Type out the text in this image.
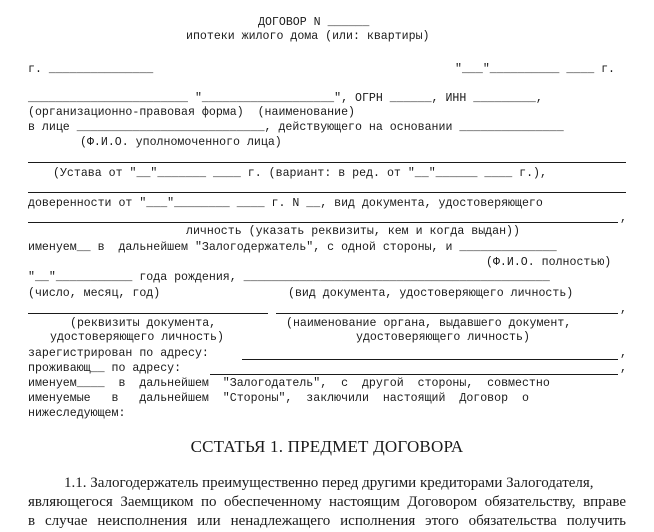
ДОГОВОР N ______
ипотеки жилого дома (или: квартиры)
г. _______________	"___"__________ ____ г.
_______________________ "___________________", ОГРН ______, ИНН _________,
(организационно-правовая форма)  (наименование)
в лице ___________________________, действующего на основании _______________
(Ф.И.О. уполномоченного лица)
(Устава от "__"_______ ____ г. (вариант: в ред. от "__"______ ____ г.),
доверенности от "___"________ ____ г. N __, вид документа, удостоверяющего
,
личность (указать реквизиты, кем и когда выдан))
именуем__ в  дальнейшем "Залогодержатель", с одной стороны, и ______________
(Ф.И.О. полностью)
"__"___________ года рождения, ____________________________________________
(число, месяц, год)	(вид документа, удостоверяющего личность)
,
(реквизиты документа,	(наименование органа, выдавшего документ,
удостоверяющего личность)	удостоверяющего личность)
зарегистрирован по адресу:	,
проживающ__ по адресу:	,
именуем____  в  дальнейшем  "Залогодатель",  с  другой  стороны,  совместно
именуемые   в   дальнейшем  "Стороны",  заключили  настоящий  Договор  о
нижеследующем:
ССТАТЬЯ 1. ПРЕДМЕТ ДОГОВОРА
1.1. Залогодержатель преимущественно перед другими кредиторами Залогодателя,
являющегося Заемщиком по обеспеченному настоящим Договором обязательству, вправе
в случае неисполнения или ненадлежащего исполнения этого обязательства получить
